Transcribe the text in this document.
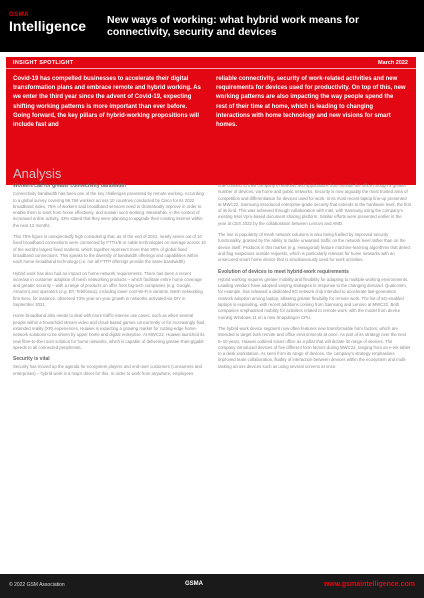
GSMA
Intelligence New ways of working: what hybrid work means for connectivity, security and devices
INSIGHT SPOTLIGHT	March 2022
Covid-19 has compelled businesses to accelerate their digital transformation plans and embrace remote and hybrid working. As we enter the third year since the advent of Covid-19, expecting shifting working patterns is more important than ever before. Going forward, the key pillars of hybrid-working propositions will include fast and
reliable connectivity, security of work-related activities and new requirements for devices used for productivity. On top of this, new working patterns are also impacting the way people spend the rest of their time at home, which is leading to changing interactions with home technology and new visions for smart homes.
Analysis
Workers call for greater connectivity bandwidth

Connectivity bandwidth has been one of the key challenges presented by remote working. According to a global survey covering 96,766 workers across 10 countries conducted by Cisco for its 2022 broadband index, 75% of workers said broadband services need to dramatically improve in order to enable them to work from home effectively, and sustain such working. Meanwhile, in the context of increased online activity, 43% stated that they were planning to upgrade their existing internet within the next 12 months.

This 75% figure is unexpectedly high considering that, as of the end of 2021, nearly seven out of 10 fixed broadband connections were connected by FTTH/B or cable technologies on average across 16 of the world's largest fixed markets, which together represent more than 80% of global fixed broadband connections. This speaks to the diversity of bandwidth offerings and capabilities within each home broadband technology (i.e. not all FTTP offerings provide the same bandwidth).

Hybrid work has also had an impact on home-network requirements. There has been a recent increase in customer adoption of mesh networking products – which facilitate entire home coverage and greater security – with a range of products on offer from big-tech companies (e.g. Google, Amazon) and operators (e.g. BT, Telefónica), including lower cost Wi-Fi 6 variants. Mesh networking firm Eero, for instance, observed 73% year-on-year growth in networks activated via DIY in September 2021.

Home broadband also needs to deal with more traffic-intense use cases, such as when several people within a household stream video and cloud-based games concurrently or for increasingly fluid, extended reality (XR) experiences. Huawei is expecting a growing market for cutting-edge home-network solutions to be driven by upper home and digital enterprise. At MWC22, Huawei launched its new fibre-to-the-room solution for home networks, which is capable of delivering greater-than-gigabit speeds to all connected peripherals.

Security is vital

Security has moved up the agenda for ecosystem players and end-user customers (consumers and enterprises) – hybrid work is a major driver for this. In order to work from anywhere, employees

now connect to their company's networks and applications from outside the office through a greater number of devices, via home and public networks. Security is now arguably the most trusted area of competition and differentiation for devices used for work. In its most recent laptop line-up presented at MWC22, Samsung introduced enterprise-grade security that extends to the hardware level, the first of its kind. This was achieved through collaboration with Intel, with Samsung using the company's existing Intel Vpro-based document sharing platform. Similar efforts were presented earlier in the year at CES 2022 by the collaboration between Lenovo and AMD.

The rise in popularity of mesh network solutions is also being fuelled by improved security functionality, granted by the ability to tackle unwanted traffic on the network level rather than on the device itself. Products in this market (e.g. Hexagonal) feature machine-learning algorithms that detect and flag suspicious outside requests, which is particularly relevant for home networks with an unsecured smart home device that is simultaneously used for work activities.

Evolution of devices to meet hybrid-work requirements

Hybrid working requires greater mobility and flexibility for adapting to multiple working environments. Leading vendors have adopted varying strategies in response to the changing demand. Qualcomm, for example, has released a dedicated 5G network chip intended to accelerate last-generation network adoption among laptop, allowing greater flexibility for remote work. The list of 5G-enabled laptops is expanding, with recent additions coming from Samsung and Lenovo at MWC22. Both companies emphasised mobility for activities related to remote work, with the model from device running Windows 11 on a new Snapdragon CPU.

The hybrid-work device segment now often features new transformable form factors, which are intended to target both remote and office environments at once. As part of its strategy over the next 5–10 years, Huawei outlined smart office as a pillar that will dictate its range of devices. The company introduced devices of five different form factors during MWC22, ranging from an e-ink tablet to a desk workstation. As seen from its range of devices, the company's strategy emphasises improved team collaboration, fluidity of interaction between devices within the ecosystem and multi-tasking across devices such as using several screens at once.

© 2022 GSM Association	GSMA	www.gsmaintelligence.com
